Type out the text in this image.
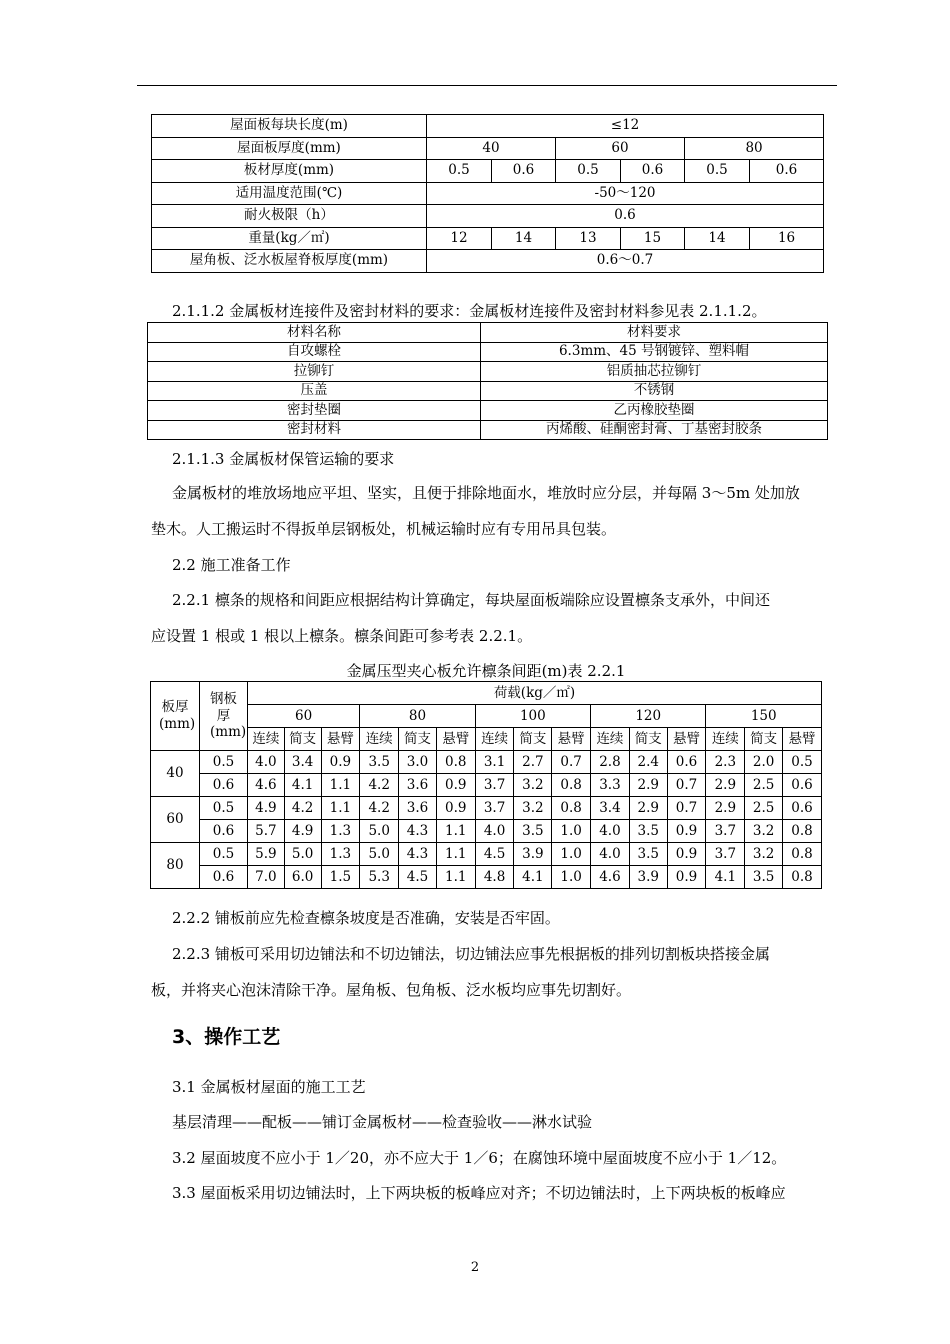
屋面板每块长度(m)	≤12					
屋面板厚度(mm)	40		60		80	
板材厚度(mm)	0.5	0.6	0.5	0.6	0.5	0.6
适用温度范围(℃)	-50～120					
耐火极限（h）	0.6					
重量(kg／㎡)	12	14	13	15	14	16
屋角板、泛水板屋脊板厚度(mm)	0.6～0.7					

2.1.1.2 金属板材连接件及密封材料的要求：金属板材连接件及密封材料参见表 2.1.1.2。

材料名称	材料要求
自攻螺栓	6.3mm、45 号钢镀锌、塑料帽
拉铆钉	铝质抽芯拉铆钉
压盖	不锈钢
密封垫圈	乙丙橡胶垫圈
密封材料	丙烯酸、硅酮密封膏、丁基密封胶条

2.1.1.3 金属板材保管运输的要求

金属板材的堆放场地应平坦、坚实，且便于排除地面水，堆放时应分层，并每隔 3～5m 处加放

垫木。人工搬运时不得扳单层钢板处，机械运输时应有专用吊具包装。

2.2 施工准备工作

2.2.1 檩条的规格和间距应根据结构计算确定，每块屋面板端除应设置檩条支承外，中间还

应设置 1 根或 1 根以上檩条。檩条间距可参考表 2.2.1。

金属压型夹心板允许檩条间距(m)表 2.2.1

板厚(mm)	钢板厚(mm)	荷载(kg／㎡)														
		60			80			100			120			150		
		连续	简支	悬臂	连续	简支	悬臂	连续	简支	悬臂	连续	简支	悬臂	连续	简支	悬臂
40	0.5	4.0	3.4	0.9	3.5	3.0	0.8	3.1	2.7	0.7	2.8	2.4	0.6	2.3	2.0	0.5
	0.6	4.6	4.1	1.1	4.2	3.6	0.9	3.7	3.2	0.8	3.3	2.9	0.7	2.9	2.5	0.6
60	0.5	4.9	4.2	1.1	4.2	3.6	0.9	3.7	3.2	0.8	3.4	2.9	0.7	2.9	2.5	0.6
	0.6	5.7	4.9	1.3	5.0	4.3	1.1	4.0	3.5	1.0	4.0	3.5	0.9	3.7	3.2	0.8
80	0.5	5.9	5.0	1.3	5.0	4.3	1.1	4.5	3.9	1.0	4.0	3.5	0.9	3.7	3.2	0.8
	0.6	7.0	6.0	1.5	5.3	4.5	1.1	4.8	4.1	1.0	4.6	3.9	0.9	4.1	3.5	0.8

2.2.2 铺板前应先检查檩条坡度是否准确，安装是否牢固。

2.2.3 铺板可采用切边铺法和不切边铺法，切边铺法应事先根据板的排列切割板块搭接金属

板，并将夹心泡沫清除干净。屋角板、包角板、泛水板均应事先切割好。

3、操作工艺

3.1 金属板材屋面的施工工艺

基层清理——配板——铺订金属板材——检查验收——淋水试验

3.2 屋面坡度不应小于 1／20，亦不应大于 1／6；在腐蚀环境中屋面坡度不应小于 1／12。

3.3 屋面板采用切边铺法时，上下两块板的板峰应对齐；不切边铺法时，上下两块板的板峰应

2
